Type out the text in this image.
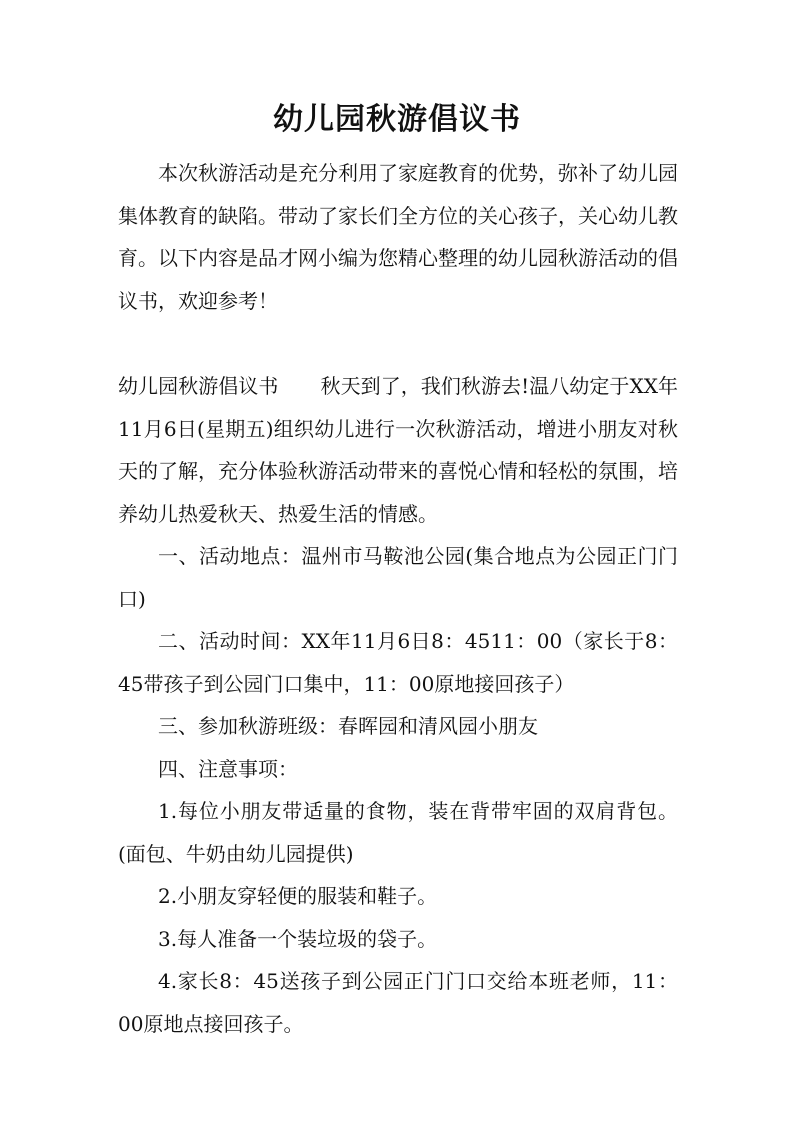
幼儿园秋游倡议书

本次秋游活动是充分利用了家庭教育的优势，弥补了幼儿园集体教育的缺陷。带动了家长们全方位的关心孩子，关心幼儿教育。以下内容是品才网小编为您精心整理的幼儿园秋游活动的倡议书，欢迎参考！

幼儿园秋游倡议书 秋天到了，我们秋游去!温八幼定于XX年11月6日(星期五)组织幼儿进行一次秋游活动，增进小朋友对秋天的了解，充分体验秋游活动带来的喜悦心情和轻松的氛围，培养幼儿热爱秋天、热爱生活的情感。

一、活动地点：温州市马鞍池公园(集合地点为公园正门门口)

二、活动时间：XX年11月6日8：4511：00（家长于8：45带孩子到公园门口集中，11：00原地接回孩子）

三、参加秋游班级：春晖园和清风园小朋友

四、注意事项：

1.每位小朋友带适量的食物，装在背带牢固的双肩背包。(面包、牛奶由幼儿园提供)

2.小朋友穿轻便的服装和鞋子。

3.每人准备一个装垃圾的袋子。

4.家长8：45送孩子到公园正门门口交给本班老师，11：00原地点接回孩子。
